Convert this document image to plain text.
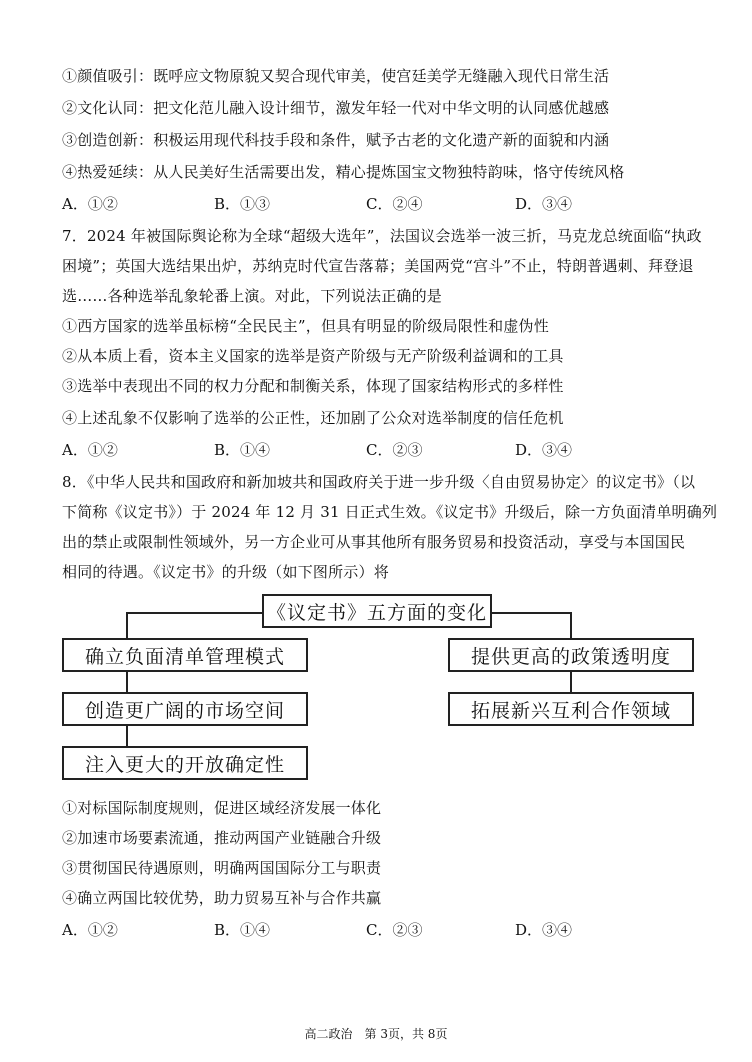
①颜值吸引：既呼应文物原貌又契合现代审美，使宫廷美学无缝融入现代日常生活
②文化认同：把文化范儿融入设计细节，激发年轻一代对中华文明的认同感优越感
③创造创新：积极运用现代科技手段和条件，赋予古老的文化遗产新的面貌和内涵
④热爱延续：从人民美好生活需要出发，精心提炼国宝文物独特韵味，恪守传统风格
A．①②	B．①③	C．②④	D．③④
7．2024 年被国际舆论称为全球“超级大选年”，法国议会选举一波三折，马克龙总统面临“执政
困境”；英国大选结果出炉，苏纳克时代宣告落幕；美国两党“宫斗”不止，特朗普遇刺、拜登退
选……各种选举乱象轮番上演。对此，下列说法正确的是
①西方国家的选举虽标榜“全民民主”，但具有明显的阶级局限性和虚伪性
②从本质上看，资本主义国家的选举是资产阶级与无产阶级利益调和的工具
③选举中表现出不同的权力分配和制衡关系，体现了国家结构形式的多样性
④上述乱象不仅影响了选举的公正性，还加剧了公众对选举制度的信任危机
A．①②	B．①④	C．②③	D．③④
8．《中华人民共和国政府和新加坡共和国政府关于进一步升级〈自由贸易协定〉的议定书》（以
下简称《议定书》）于 2024 年 12 月 31 日正式生效。《议定书》升级后，除一方负面清单明确列
出的禁止或限制性领域外，另一方企业可从事其他所有服务贸易和投资活动，享受与本国国民
相同的待遇。《议定书》的升级（如下图所示）将
《议定书》五方面的变化
确立负面清单管理模式
创造更广阔的市场空间
注入更大的开放确定性
提供更高的政策透明度
拓展新兴互利合作领域
①对标国际制度规则，促进区域经济发展一体化
②加速市场要素流通，推动两国产业链融合升级
③贯彻国民待遇原则，明确两国国际分工与职责
④确立两国比较优势，助力贸易互补与合作共赢
A．①②	B．①④	C．②③	D．③④
高二政治　第 3页，共 8页
